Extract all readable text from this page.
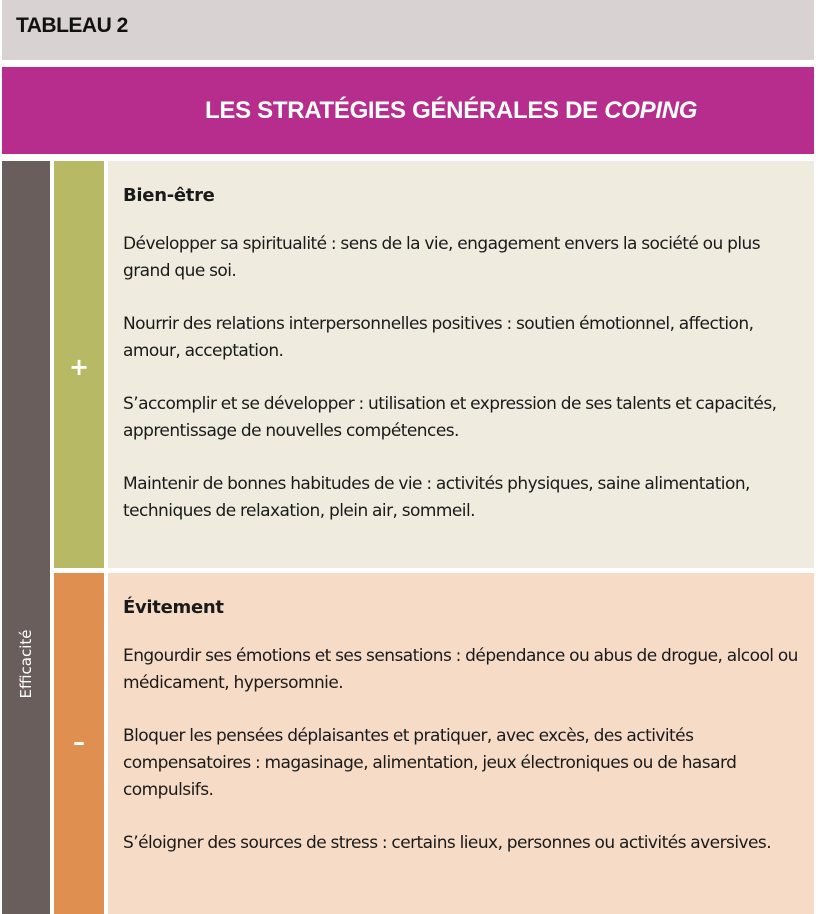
TABLEAU 2
LES STRATÉGIES GÉNÉRALES DE COPING
Efficacité
+
Bien-être

Développer sa spiritualité : sens de la vie, engagement envers la société ou plus grand que soi.

Nourrir des relations interpersonnelles positives : soutien émotionnel, affection, amour, acceptation.

S’accomplir et se développer : utilisation et expression de ses talents et capacités, apprentissage de nouvelles compétences.

Maintenir de bonnes habitudes de vie : activités physiques, saine alimentation, techniques de relaxation, plein air, sommeil.

–
Évitement

Engourdir ses émotions et ses sensations : dépendance ou abus de drogue, alcool ou médicament, hypersomnie.

Bloquer les pensées déplaisantes et pratiquer, avec excès, des activités compensatoires : magasinage, alimentation, jeux électroniques ou de hasard compulsifs.

S’éloigner des sources de stress : certains lieux, personnes ou activités aversives.
